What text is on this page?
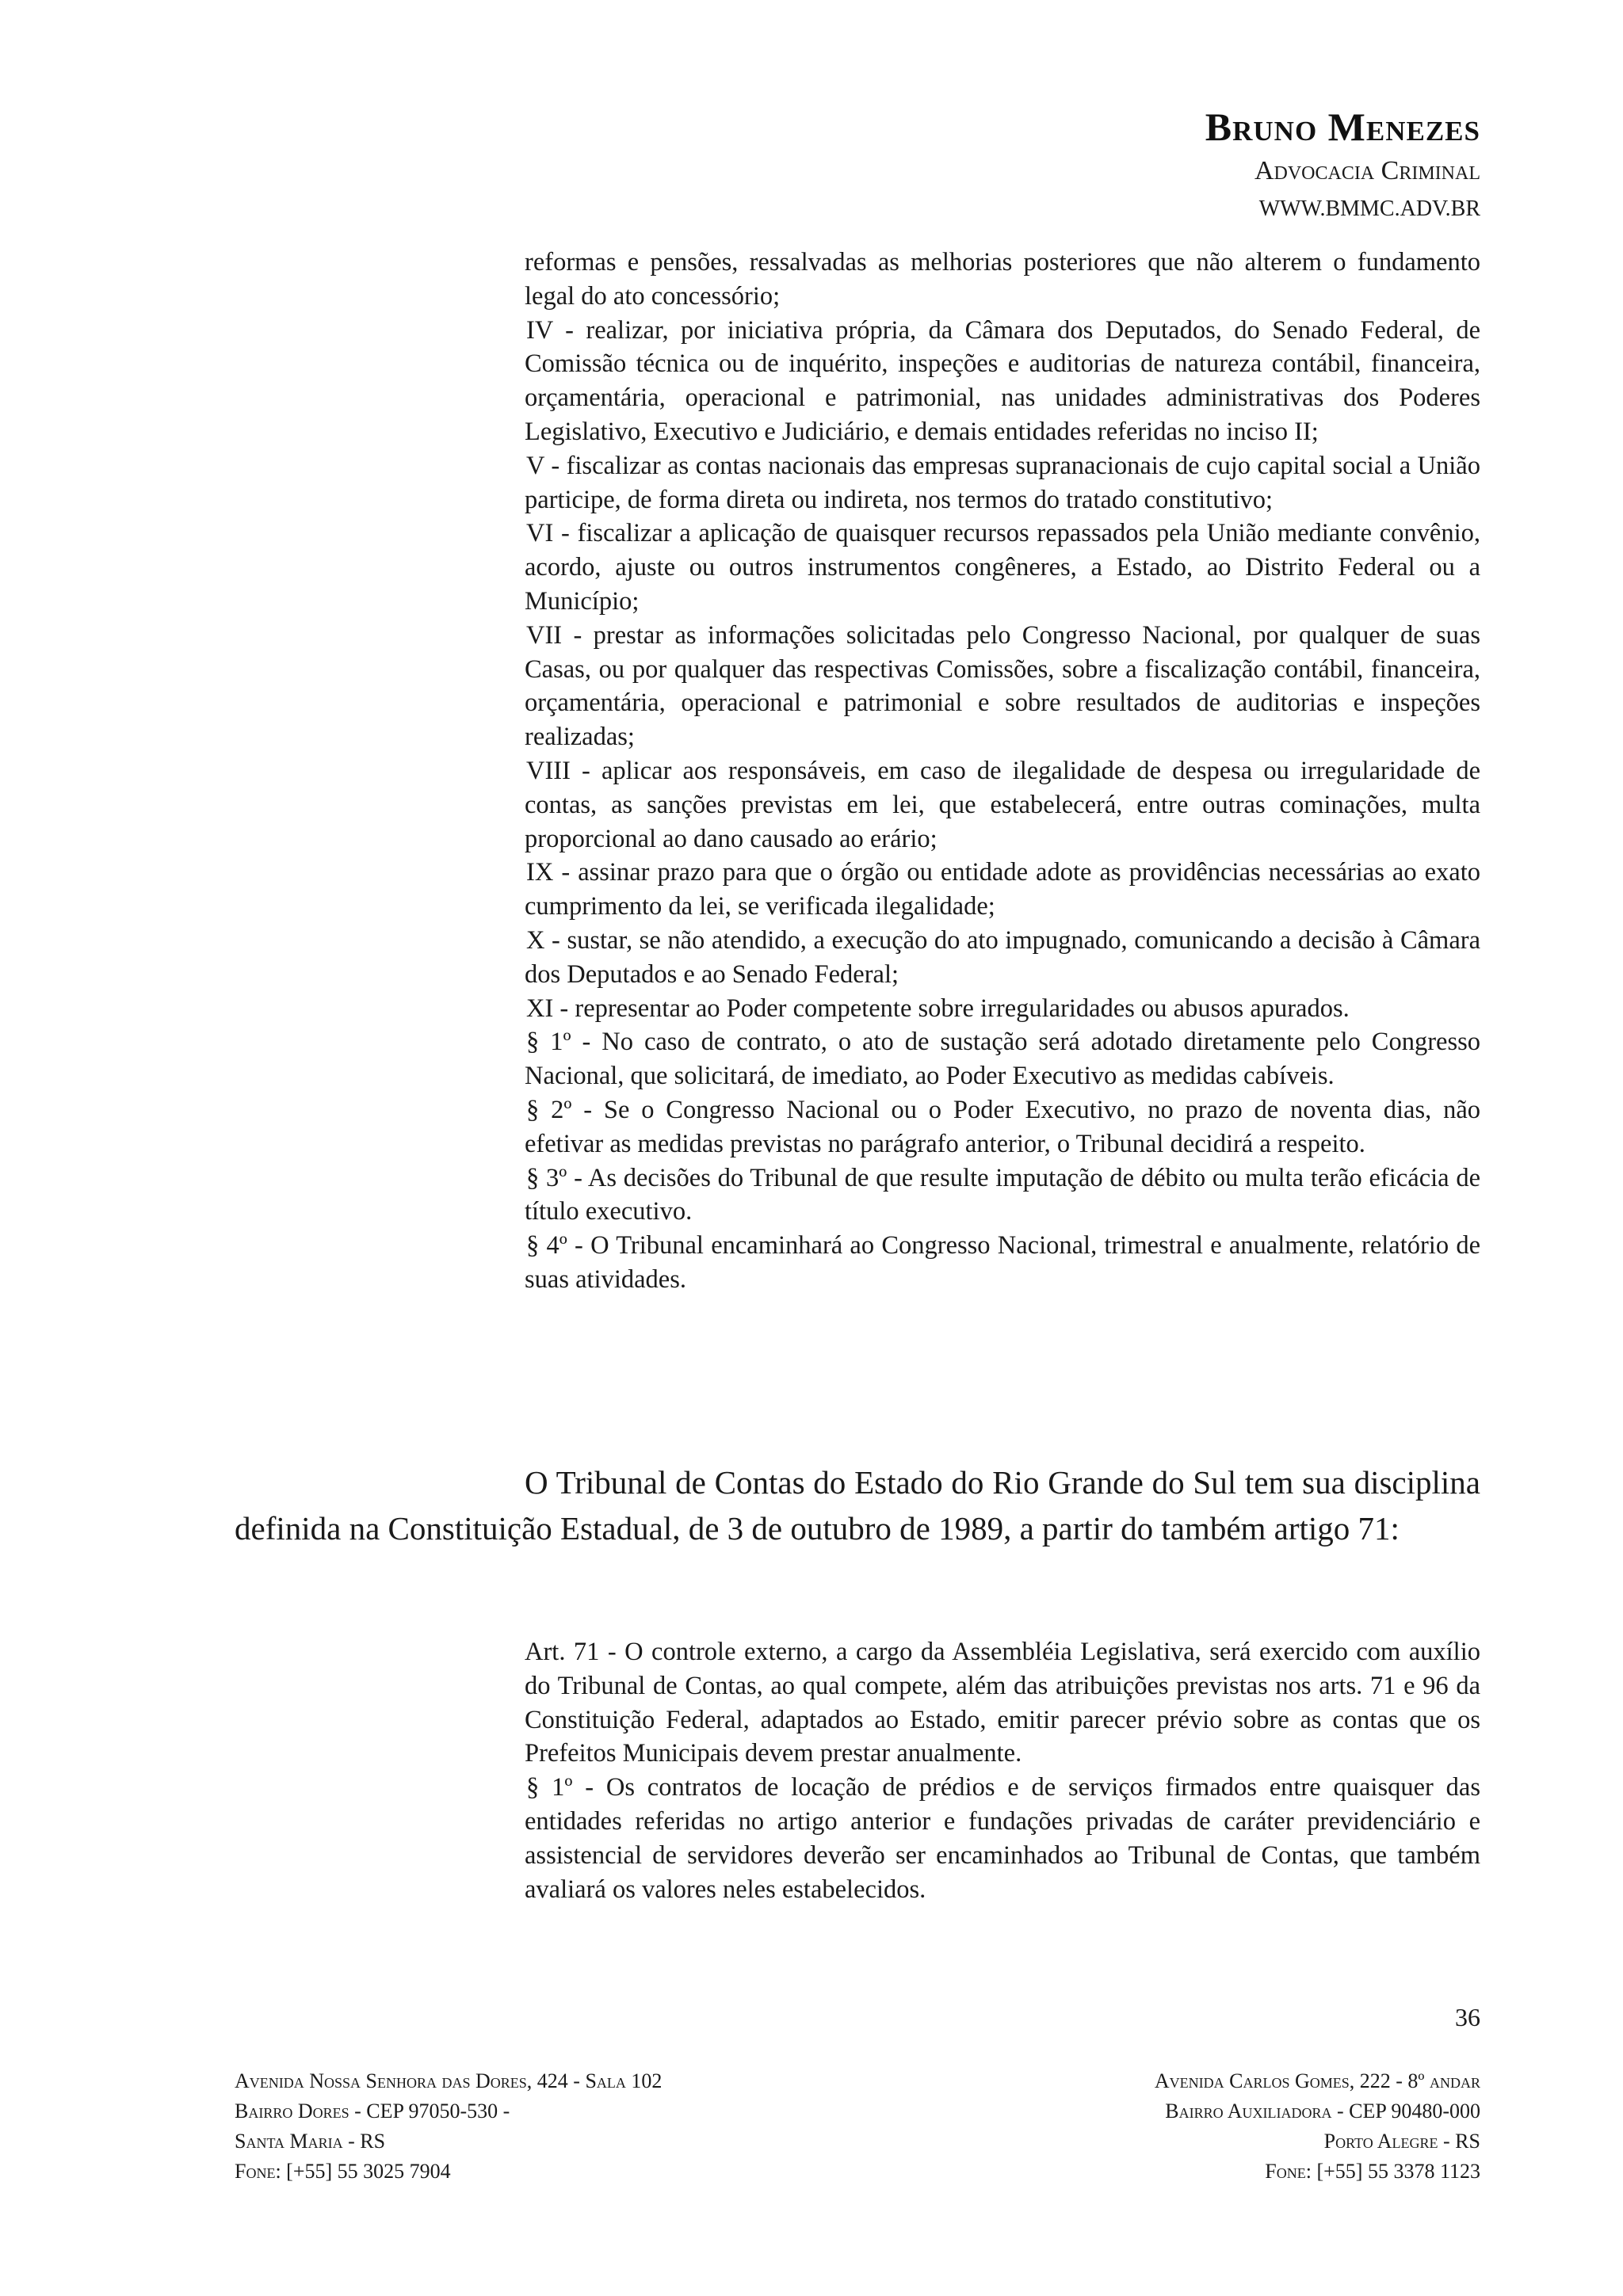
Bruno Menezes
Advocacia Criminal
WWW.BMMC.ADV.BR

reformas e pensões, ressalvadas as melhorias posteriores que não alterem o fundamento legal do ato concessório;

IV - realizar, por iniciativa própria, da Câmara dos Deputados, do Senado Federal, de Comissão técnica ou de inquérito, inspeções e auditorias de natureza contábil, financeira, orçamentária, operacional e patrimonial, nas unidades administrativas dos Poderes Legislativo, Executivo e Judiciário, e demais entidades referidas no inciso II;

V - fiscalizar as contas nacionais das empresas supranacionais de cujo capital social a União participe, de forma direta ou indireta, nos termos do tratado constitutivo;

VI - fiscalizar a aplicação de quaisquer recursos repassados pela União mediante convênio, acordo, ajuste ou outros instrumentos congêneres, a Estado, ao Distrito Federal ou a Município;

VII - prestar as informações solicitadas pelo Congresso Nacional, por qualquer de suas Casas, ou por qualquer das respectivas Comissões, sobre a fiscalização contábil, financeira, orçamentária, operacional e patrimonial e sobre resultados de auditorias e inspeções realizadas;

VIII - aplicar aos responsáveis, em caso de ilegalidade de despesa ou irregularidade de contas, as sanções previstas em lei, que estabelecerá, entre outras cominações, multa proporcional ao dano causado ao erário;

IX - assinar prazo para que o órgão ou entidade adote as providências necessárias ao exato cumprimento da lei, se verificada ilegalidade;

X - sustar, se não atendido, a execução do ato impugnado, comunicando a decisão à Câmara dos Deputados e ao Senado Federal;

XI - representar ao Poder competente sobre irregularidades ou abusos apurados.

§ 1º - No caso de contrato, o ato de sustação será adotado diretamente pelo Congresso Nacional, que solicitará, de imediato, ao Poder Executivo as medidas cabíveis.

§ 2º - Se o Congresso Nacional ou o Poder Executivo, no prazo de noventa dias, não efetivar as medidas previstas no parágrafo anterior, o Tribunal decidirá a respeito.

§ 3º - As decisões do Tribunal de que resulte imputação de débito ou multa terão eficácia de título executivo.

§ 4º - O Tribunal encaminhará ao Congresso Nacional, trimestral e anualmente, relatório de suas atividades.

O Tribunal de Contas do Estado do Rio Grande do Sul tem sua disciplina definida na Constituição Estadual, de 3 de outubro de 1989, a partir do também artigo 71:

Art. 71 - O controle externo, a cargo da Assembléia Legislativa, será exercido com auxílio do Tribunal de Contas, ao qual compete, além das atribuições previstas nos arts. 71 e 96 da Constituição Federal, adaptados ao Estado, emitir parecer prévio sobre as contas que os Prefeitos Municipais devem prestar anualmente.

§ 1º - Os contratos de locação de prédios e de serviços firmados entre quaisquer das entidades referidas no artigo anterior e fundações privadas de caráter previdenciário e assistencial de servidores deverão ser encaminhados ao Tribunal de Contas, que também avaliará os valores neles estabelecidos.

36
Avenida Nossa Senhora das Dores, 424 - Sala 102
Bairro Dores - CEP 97050-530 -
Santa Maria - RS
Fone: [+55] 55 3025 7904
Avenida Carlos Gomes, 222 - 8º andar
Bairro Auxiliadora - CEP 90480-000
Porto Alegre - RS
Fone: [+55] 55 3378 1123
